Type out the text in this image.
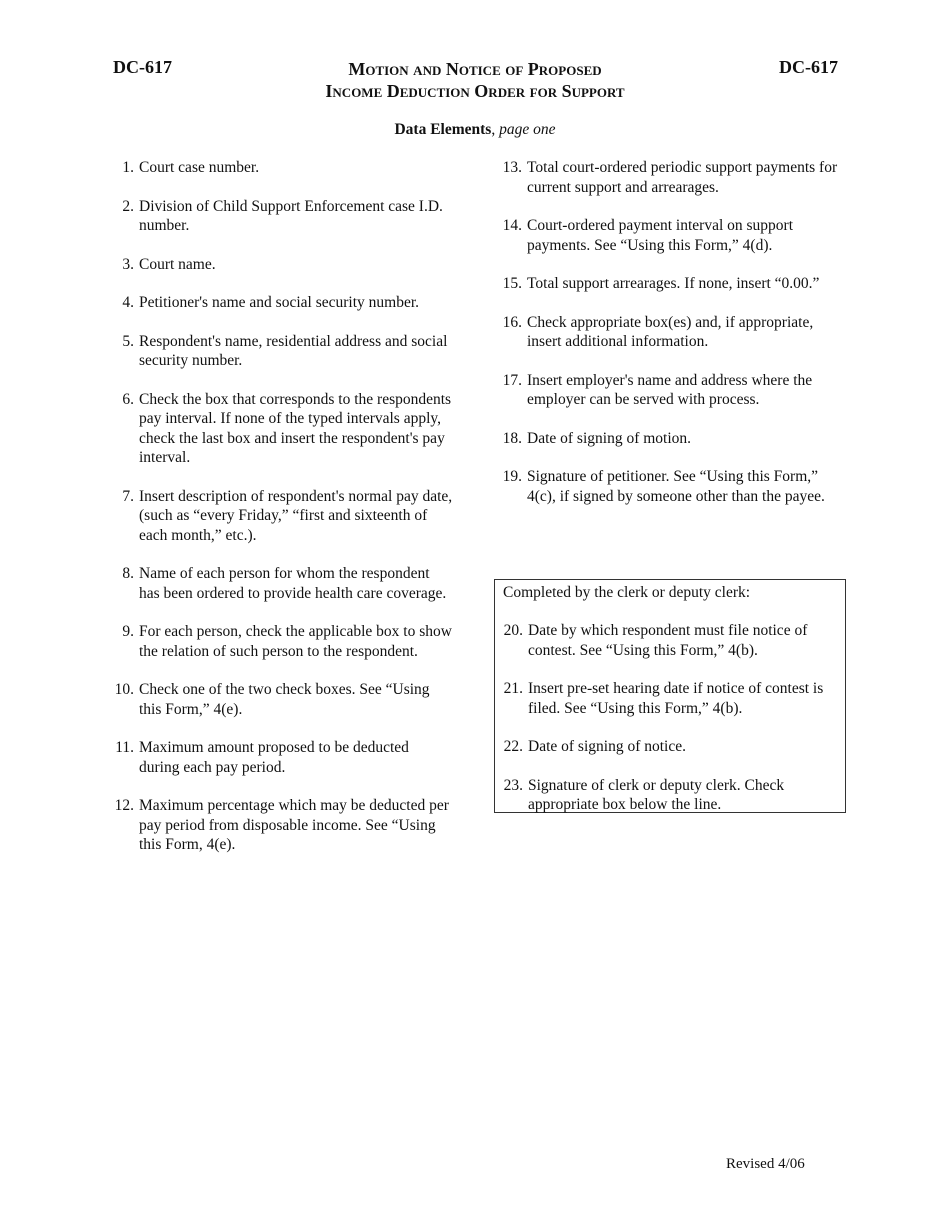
DC-617	DC-617
Motion and Notice of Proposed
Income Deduction Order for Support
Data Elements, page one
1. Court case number.
2. Division of Child Support Enforcement case I.D. number.
3. Court name.
4. Petitioner's name and social security number.
5. Respondent's name, residential address and social security number.
6. Check the box that corresponds to the respondents pay interval. If none of the typed intervals apply, check the last box and insert the respondent's pay interval.
7. Insert description of respondent's normal pay date, (such as “every Friday,” “first and sixteenth of each month,” etc.).
8. Name of each person for whom the respondent has been ordered to provide health care coverage.
9. For each person, check the applicable box to show the relation of such person to the respondent.
10. Check one of the two check boxes. See “Using this Form,” 4(e).
11. Maximum amount proposed to be deducted during each pay period.
12. Maximum percentage which may be deducted per pay period from disposable income. See “Using this Form, 4(e).
13. Total court-ordered periodic support payments for current support and arrearages.
14. Court-ordered payment interval on support payments. See “Using this Form,” 4(d).
15. Total support arrearages. If none, insert “0.00.”
16. Check appropriate box(es) and, if appropriate, insert additional information.
17. Insert employer's name and address where the employer can be served with process.
18. Date of signing of motion.
19. Signature of petitioner. See “Using this Form,” 4(c), if signed by someone other than the payee.
Completed by the clerk or deputy clerk:
20. Date by which respondent must file notice of contest. See “Using this Form,” 4(b).
21. Insert pre-set hearing date if notice of contest is filed. See “Using this Form,” 4(b).
22. Date of signing of notice.
23. Signature of clerk or deputy clerk. Check appropriate box below the line.
Revised 4/06
